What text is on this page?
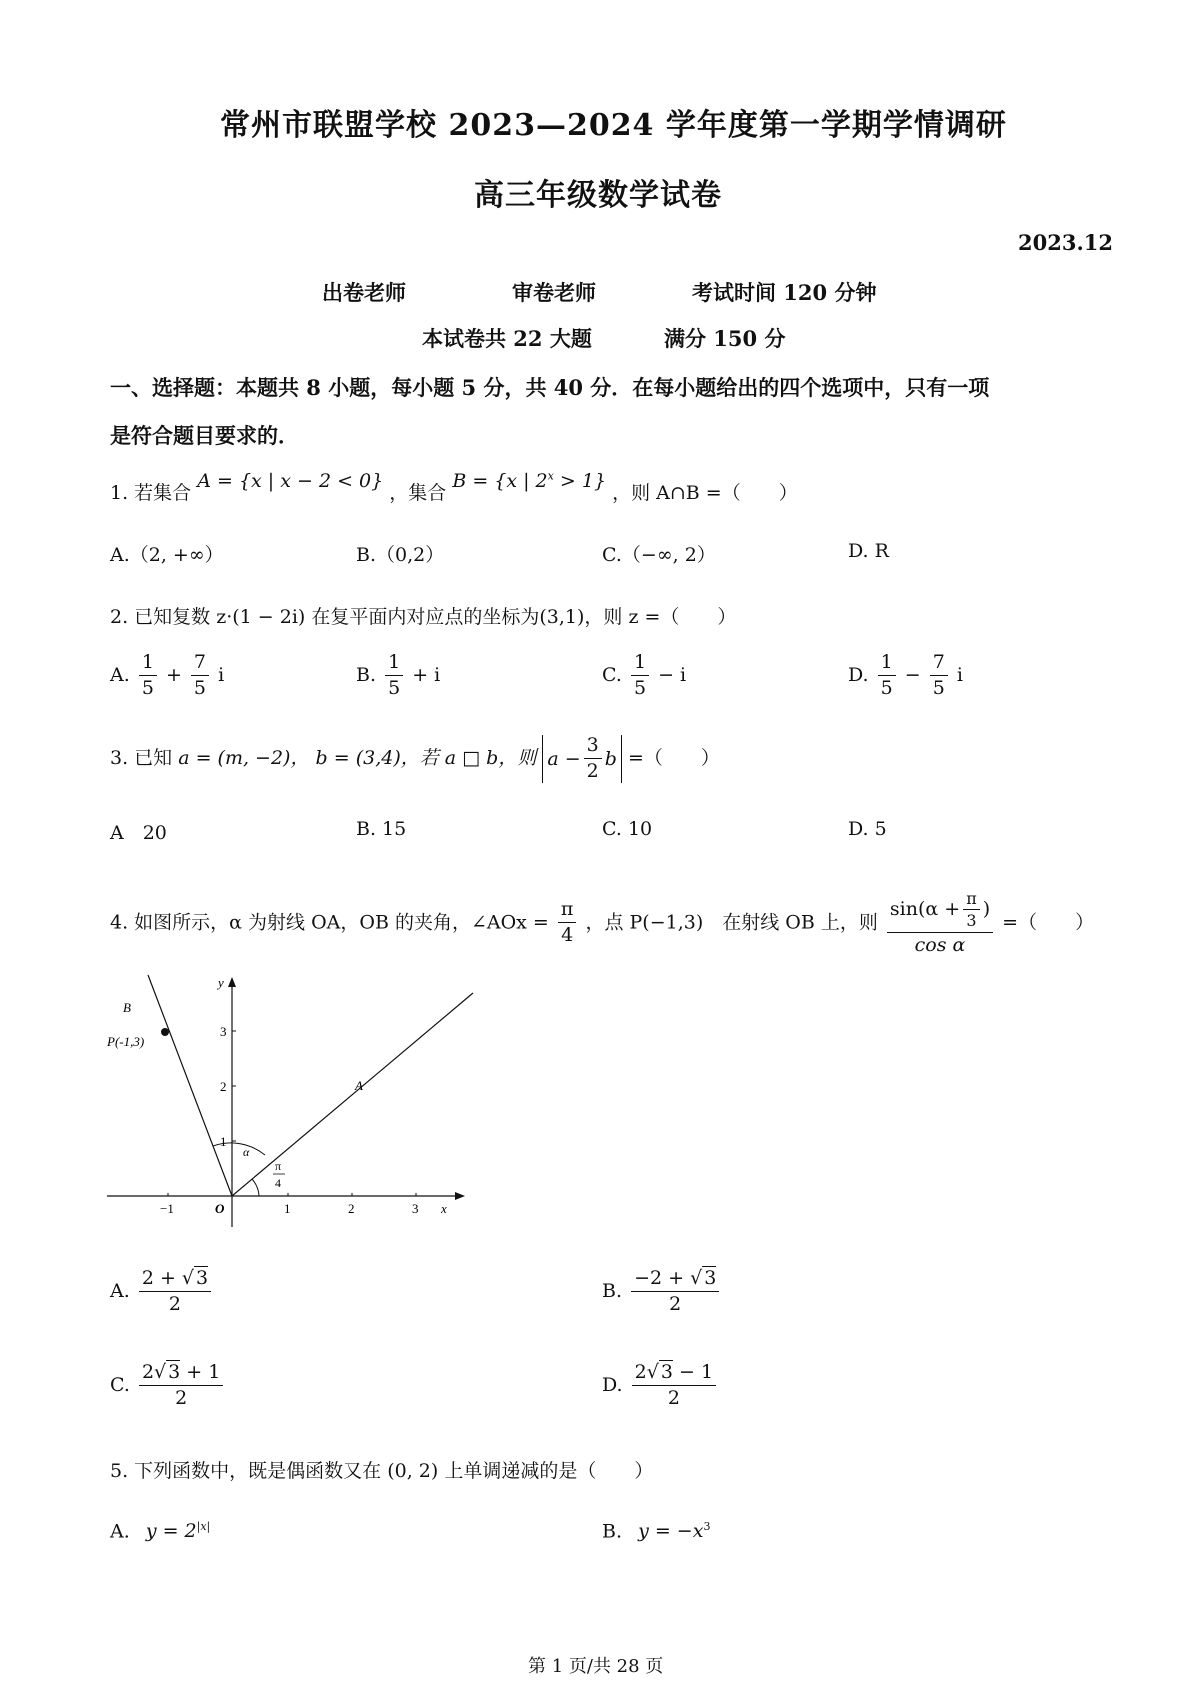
常州市联盟学校 2023—2024 学年度第一学期学情调研
高三年级数学试卷
2023.12
出卷老师	审卷老师	考试时间 120 分钟
本试卷共 22 大题	满分 150 分
一、选择题：本题共 8 小题，每小题 5 分，共 40 分．在每小题给出的四个选项中，只有一项
是符合题目要求的．
1. 若集合 A = {x | x − 2 < 0} ，集合 B = {x | $2^x > 1$} ，则 A∩B =（　　）
A.（2, +∞）	B.（0,2）	C.（−∞, 2）	D. R
2. 已知复数 z·(1 − 2i) 在复平面内对应点的坐标为(3,1)，则 z =（　　）
A. $\frac{1}{5} + \frac{7}{5}$ i	B. $\frac{1}{5} + i$	C. $\frac{1}{5} - i$	D. $\frac{1}{5} - \frac{7}{5}$ i
3. 已知 a = (m, −2)， b = (3,4)，若 a □ b，则 $a - \frac{3}{2}$ b =（　　）
A　20	B. 15	C. 10	D. 5
4. 如图所示，α 为射线 OA，OB 的夹角，∠AOx = $\frac{\pi}{4}$ ，点 P(−1,3)　在射线 OB 上，则 $\frac{\sin(\alpha + \frac{\pi}{3} )}{\text{cos α}}$ =（　　）
B
P(-1,3)
A
y
x
O
α
π
4
−1	1	2	3
1
2
3
A. $\frac{2 + √ 3}{2}$	B. $\frac{-2 + √ 3}{2}$
C. $\frac{2√ 3 + 1}{2}$	D. $\frac{2√ 3 - 1}{2}$
5. 下列函数中，既是偶函数又在 (0, 2) 上单调递减的是（　　）
A. $y = 2^{|x|}$	B. $y = -x^3$
第 1 页/共 28 页
